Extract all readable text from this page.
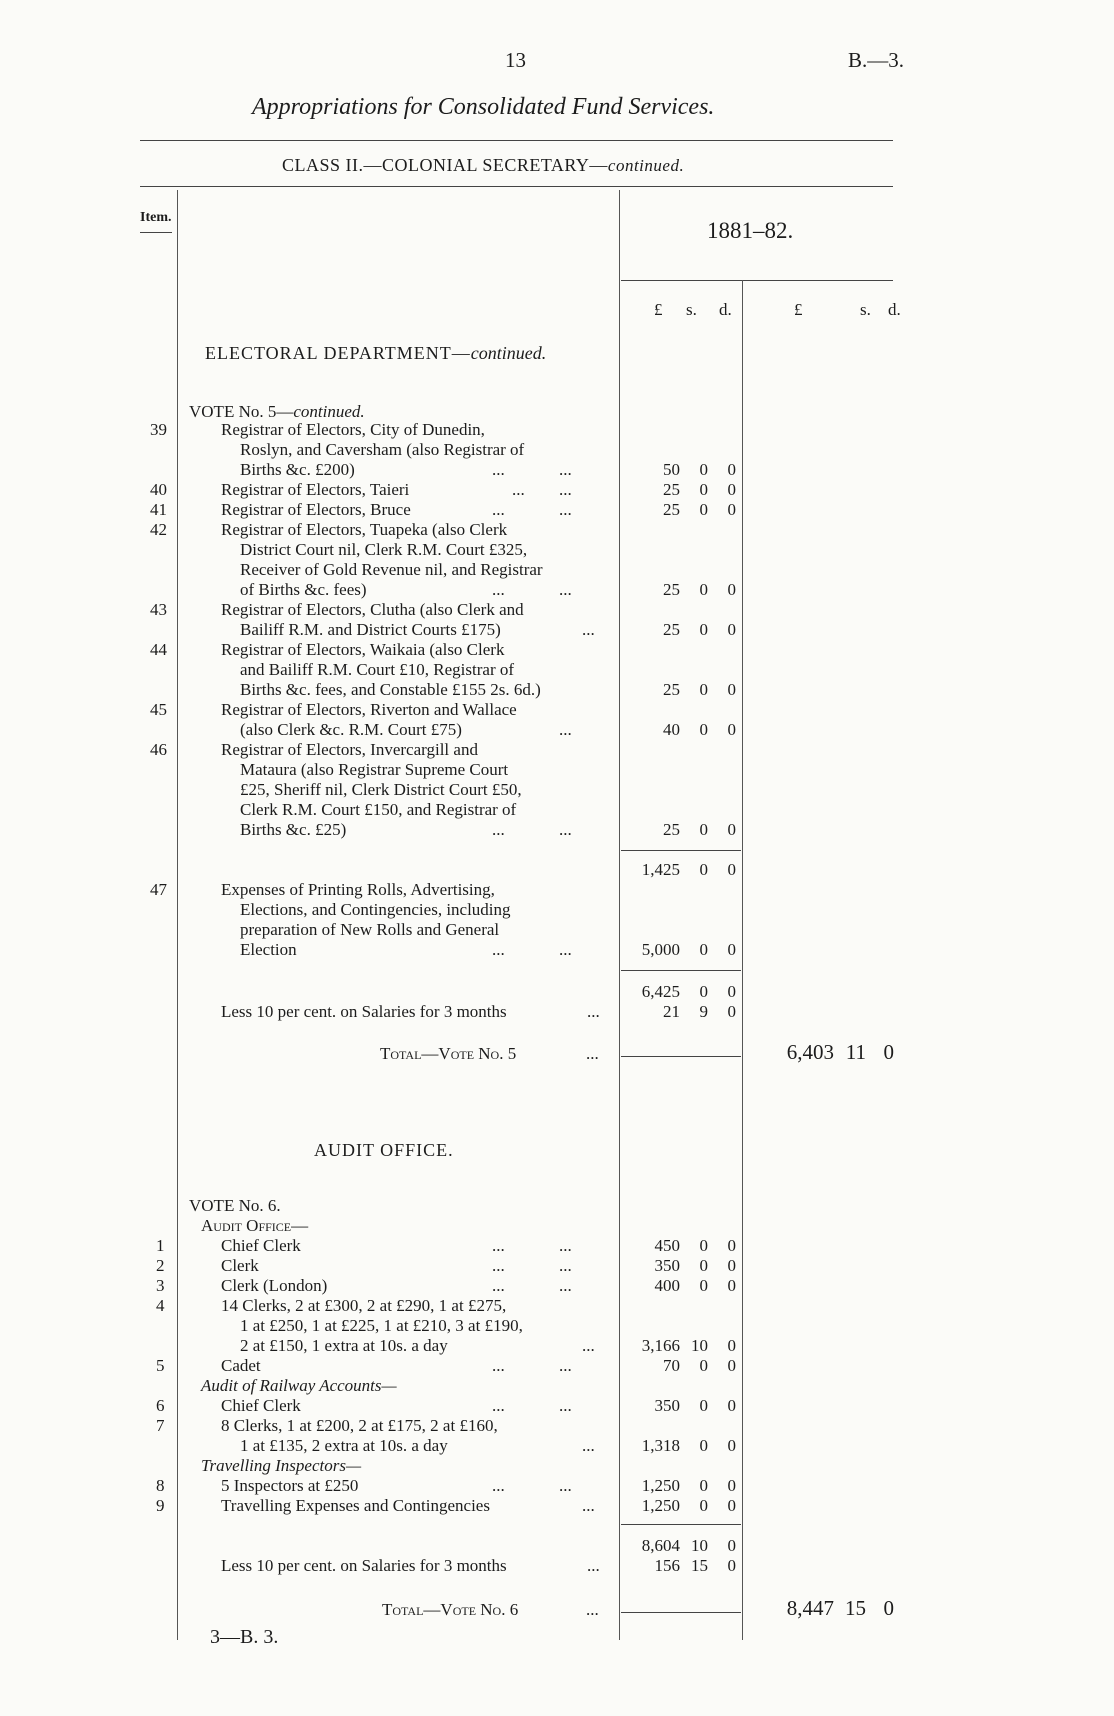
13	B.—3.
Appropriations for Consolidated Fund Services.
CLASS II.—COLONIAL SECRETARY—continued.
Item.
1881–82.
£ s. d.	£	s. d.
ELECTORAL DEPARTMENT—continued.
VOTE No. 5—continued.
39	Registrar of Electors, City of Dunedin,
Roslyn, and Caversham (also Registrar of
Births &c. £200)	...	...	50	0	0
40	Registrar of Electors, Taieri	... ...	25	0	0
41	Registrar of Electors, Bruce	...	...	25	0	0
42	Registrar of Electors, Tuapeka (also Clerk
District Court nil, Clerk R.M. Court £325,
Receiver of Gold Revenue nil, and Registrar
of Births &c. fees)	...	...	25	0	0
43	Registrar of Electors, Clutha (also Clerk and
Bailiff R.M. and District Courts £175)	...	25	0	0
44	Registrar of Electors, Waikaia (also Clerk
and Bailiff R.M. Court £10, Registrar of
Births &c. fees, and Constable £155 2s. 6d.)	25	0	0
45	Registrar of Electors, Riverton and Wallace
(also Clerk &c. R.M. Court £75)	...	40	0	0
46	Registrar of Electors, Invercargill and
Mataura (also Registrar Supreme Court
£25, Sheriff nil, Clerk District Court £50,
Clerk R.M. Court £150, and Registrar of
Births &c. £25)	...	...	25	0	0
1,425	0	0
47	Expenses of Printing Rolls, Advertising,
Elections, and Contingencies, including
preparation of New Rolls and General
Election	...	...	5,000	0	0
6,425	0	0
Less 10 per cent. on Salaries for 3 months	...	21	9	0
Total—Vote No. 5	...	6,403 11 0
AUDIT OFFICE.
VOTE No. 6.
Audit Office—
1	Chief Clerk	...	...	450	0	0
2	Clerk	...	...	350	0	0
3	Clerk (London)	...	...	400	0	0
4	14 Clerks, 2 at £300, 2 at £290, 1 at £275,
1 at £250, 1 at £225, 1 at £210, 3 at £190,
2 at £150, 1 extra at 10s. a day	...	3,166 10	0
5	Cadet	...	...	70	0	0
Audit of Railway Accounts—
6	Chief Clerk	...	...	350	0	0
7	8 Clerks, 1 at £200, 2 at £175, 2 at £160,
1 at £135, 2 extra at 10s. a day	...	1,318	0	0
Travelling Inspectors—
8	5 Inspectors at £250	...	...	1,250	0	0
9	Travelling Expenses and Contingencies	...	1,250	0	0
8,604 10	0
Less 10 per cent. on Salaries for 3 months	...	156 15	0
Total—Vote No. 6	...	8,447 15 0
3—B. 3.
